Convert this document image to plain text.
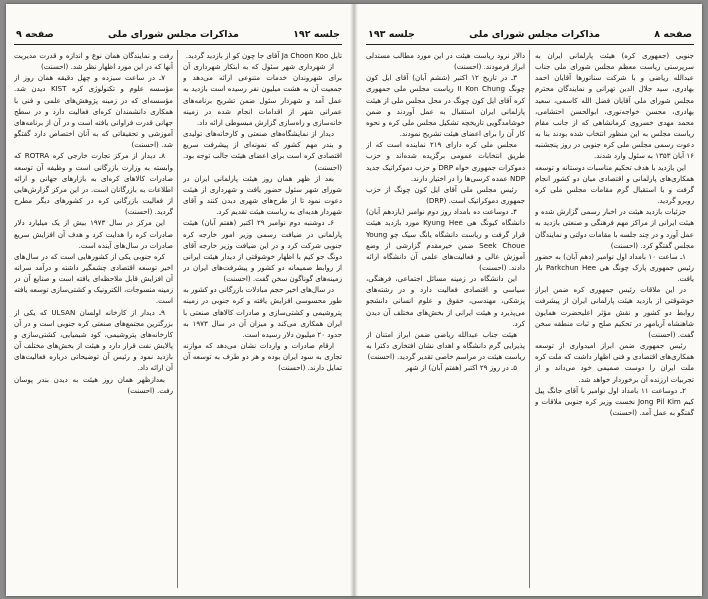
جلسه ۱۹۲
مذاکرات مجلس شورای ملی
صفحه ۹

تایل Ja Choon Koo آقای جا چون کو از بازدید گردید.

از شهرداری شهر سئول که به ابتکار شهرداری آن برای شهروندان خدمات متنوعی ارائه می‌دهد و جمعیت آن به هشت میلیون نفر رسیده است بازدید به عمل آمد و شهردار سئول ضمن تشریح برنامه‌های عمرانی شهر از اقدامات انجام شده در زمینه خانه‌سازی و راه‌سازی گزارش مبسوطی ارائه داد.

دیدار از نمایشگاه‌های صنعتی و کارخانه‌های تولیدی و بندر مهم کشور که نمونه‌ای از پیشرفت سریع اقتصادی کره است برای اعضای هیئت جالب توجه بود. (احسنت)

بعد از ظهر همان روز هیئت پارلمانی ایران در شورای شهر سئول حضور یافت و شهرداری از هیئت دعوت نمود تا از طرح‌های شهری دیدن کنند و آقای شهردار هدیه‌ای به ریاست هیئت تقدیم کرد.

۶ـ دوشنبه دوم نوامبر ۲۹ اکتبر (هفتم آبان) هیئت پارلمانی در ضیافت رسمی وزیر امور خارجه کره جنوبی شرکت کرد و در این ضیافت وزیر خارجه آقای دونگ جو کیم با اظهار خوشوقتی از دیدار هیئت ایرانی از روابط صمیمانه دو کشور و پیشرفت‌های ایران در زمینه‌های گوناگون سخن گفت. (احسنت)

در سال‌های اخیر حجم مبادلات بازرگانی دو کشور به طور محسوسی افزایش یافته و کره جنوبی در زمینه پتروشیمی و کشتی‌سازی و صادرات کالاهای صنعتی با ایران همکاری می‌کند و میزان آن در سال ۱۹۷۳ به حدود ۲۰ میلیون دلار رسیده است.

ارقام صادرات و واردات نشان می‌دهد که موازنه تجاری به سود ایران بوده و هر دو طرف به توسعه آن تمایل دارند. (احسنت)

رفت و نمایندگان همان نوع و اندازه و قدرت مدیریت آنها که در این مورد اظهار نظر شد. (احسنت)

۷ـ در ساعت سیزده و چهل دقیقه همان روز از مؤسسه علوم و تکنولوژی کره KIST دیدن شد. مؤسسه‌ای که در زمینه پژوهش‌های علمی و فنی با همکاری دانشمندان کره‌ای فعالیت دارد و در سطح جهانی قدرت فراوانی یافته است و در آن از برنامه‌های آموزشی و تحقیقاتی که به آنان اختصاص دارد گفتگو شد. (احسنت)

۸ـ دیدار از مرکز تجارت خارجی کره ROTRA که وابسته به وزارت بازرگانی است و وظیفه آن توسعه صادرات کالاهای کره‌ای به بازارهای جهانی و ارائه اطلاعات به بازرگانان است. در این مرکز گزارش‌هایی از فعالیت بازرگانی کره در کشورهای دیگر مطرح گردید. (احسنت)

این مرکز در سال ۱۹۷۳ بیش از یک میلیارد دلار صادرات کره را هدایت کرد و هدف آن افزایش سریع صادرات در سال‌های آینده است.

کره جنوبی یکی از کشورهایی است که در سال‌های اخیر توسعه اقتصادی چشمگیر داشته و درآمد سرانه آن افزایش قابل ملاحظه‌ای یافته است و صنایع آن در زمینه منسوجات، الکترونیک و کشتی‌سازی توسعه یافته است.

۹ـ دیدار از کارخانه اولسان ULSAN که یکی از بزرگترین مجتمع‌های صنعتی کره جنوبی است و در آن کارخانه‌های پتروشیمی، کود شیمیایی، کشتی‌سازی و پالایش نفت قرار دارد و هیئت از بخش‌های مختلف آن بازدید نمود و رئیس آن توضیحاتی درباره فعالیت‌های آن ارائه داد.

بعدازظهر همان روز هیئت به دیدن بندر پوسان رفت. (احسنت)

صفحه ۸
مذاکرات مجلس شورای ملی
جلسه ۱۹۳

جنوبی (جمهوری کره) هیئت پارلمانی ایران به سرپرستی ریاست معظم مجلس شورای ملی جناب عبدالله ریاضی و با شرکت سناتورها آقایان احمد بهادری، سید جلال الدین تهرانی و نمایندگان محترم مجلس شورای ملی آقایان فضل الله کاسمی، سعید بهادری، محسن خواجه‌نوری، ابوالحسن احتشامی، محمد مهدی خسروی کرمانشاهی که از جانب مقام ریاست مجلس به این منظور انتخاب شده بودند بنا به دعوت رسمی مجلس ملی کره جنوبی در روز پنجشنبه ۱۶ آبان ۱۳۵۳ به سئول وارد شدند.

این بازدید با هدف تحکیم مناسبات دوستانه و توسعه همکاری‌های پارلمانی و اقتصادی میان دو کشور انجام گرفت و با استقبال گرم مقامات مجلس ملی کره روبرو گردید.

جزئیات بازدید هیئت در اخبار رسمی گزارش شده و هیئت ایرانی از مراکز مهم فرهنگی و صنعتی بازدید به عمل آورد و در چند جلسه با مقامات دولتی و نمایندگان مجلس گفتگو کرد. (احسنت)

۱ـ ساعت ۱۰ بامداد اول نوامبر (دهم آبان) به حضور رئیس جمهوری پارک چونگ هی Parkchun Hee بار یافت.

در این ملاقات رئیس جمهوری کره ضمن ابراز خوشوقتی از بازدید هیئت پارلمانی ایران از پیشرفت روابط دو کشور و نقش مؤثر اعلیحضرت همایون شاهنشاه آریامهر در تحکیم صلح و ثبات منطقه سخن گفت. (احسنت)

رئیس جمهوری ضمن ابراز امیدواری از توسعه همکاری‌های اقتصادی و فنی اظهار داشت که ملت کره ملت ایران را دوست صمیمی خود می‌داند و از تجربیات ارزنده آن برخوردار خواهد شد.

۲ـ دوساعت ۱۱ بامداد اول نوامبر با آقای جانگ پیل کیم Jong Pil Kim نخست وزیر کره جنوبی ملاقات و گفتگو به عمل آمد. (احسنت)

دالار نرود ریاست هیئت در این مورد مطالب مستدلی ابراز فرمودند. (احسنت)

۳ـ در تاریخ ۱۲ اکتبر (ششم آبان) آقای ایل کون چونگ II Kon Chung ریاست مجلس ملی جمهوری کره آقای ایل کون چونگ در محل مجلس ملی از هیئت پارلمانی ایران استقبال به عمل آوردند و ضمن خوشامدگویی تاریخچه تشکیل مجلس ملی کره و نحوه کار آن را برای اعضای هیئت تشریح نمودند.

مجلس ملی کره دارای ۲۱۹ نماینده است که از طریق انتخابات عمومی برگزیده شده‌اند و حزب دموکرات جمهوری خواه DRP و حزب دموکراتیک جدید NDP عمده کرسی‌ها را در اختیار دارند.

رئیس مجلس ملی آقای ایل کون چونگ از حزب جمهوری دموکراتیک است. (DRP)

۴ـ دوساعت ده بامداد روز دوم نوامبر (یازدهم آبان) دانشگاه کیونگ هی Kyung Hee مورد بازدید هیئت قرار گرفت و ریاست دانشگاه یانگ سیک چو Young Seek Choue ضمن خیرمقدم گزارشی از وضع آموزش عالی و فعالیت‌های علمی آن دانشگاه ارائه دادند. (احسنت)

این دانشگاه در زمینه مسائل اجتماعی، فرهنگی، سیاسی و اقتصادی فعالیت دارد و در رشته‌های پزشکی، مهندسی، حقوق و علوم انسانی دانشجو می‌پذیرد و هیئت ایرانی از بخش‌های مختلف آن دیدن کرد.

هیئت جناب عبدالله ریاضی ضمن ابراز امتنان از پذیرایی گرم دانشگاه و اهدای نشان افتخاری دکترا به ریاست هیئت در مراسم خاصی تقدیر گردید. (احسنت)

۵ـ در روز ۲۹ اکتبر (هفتم آبان) از شهر
